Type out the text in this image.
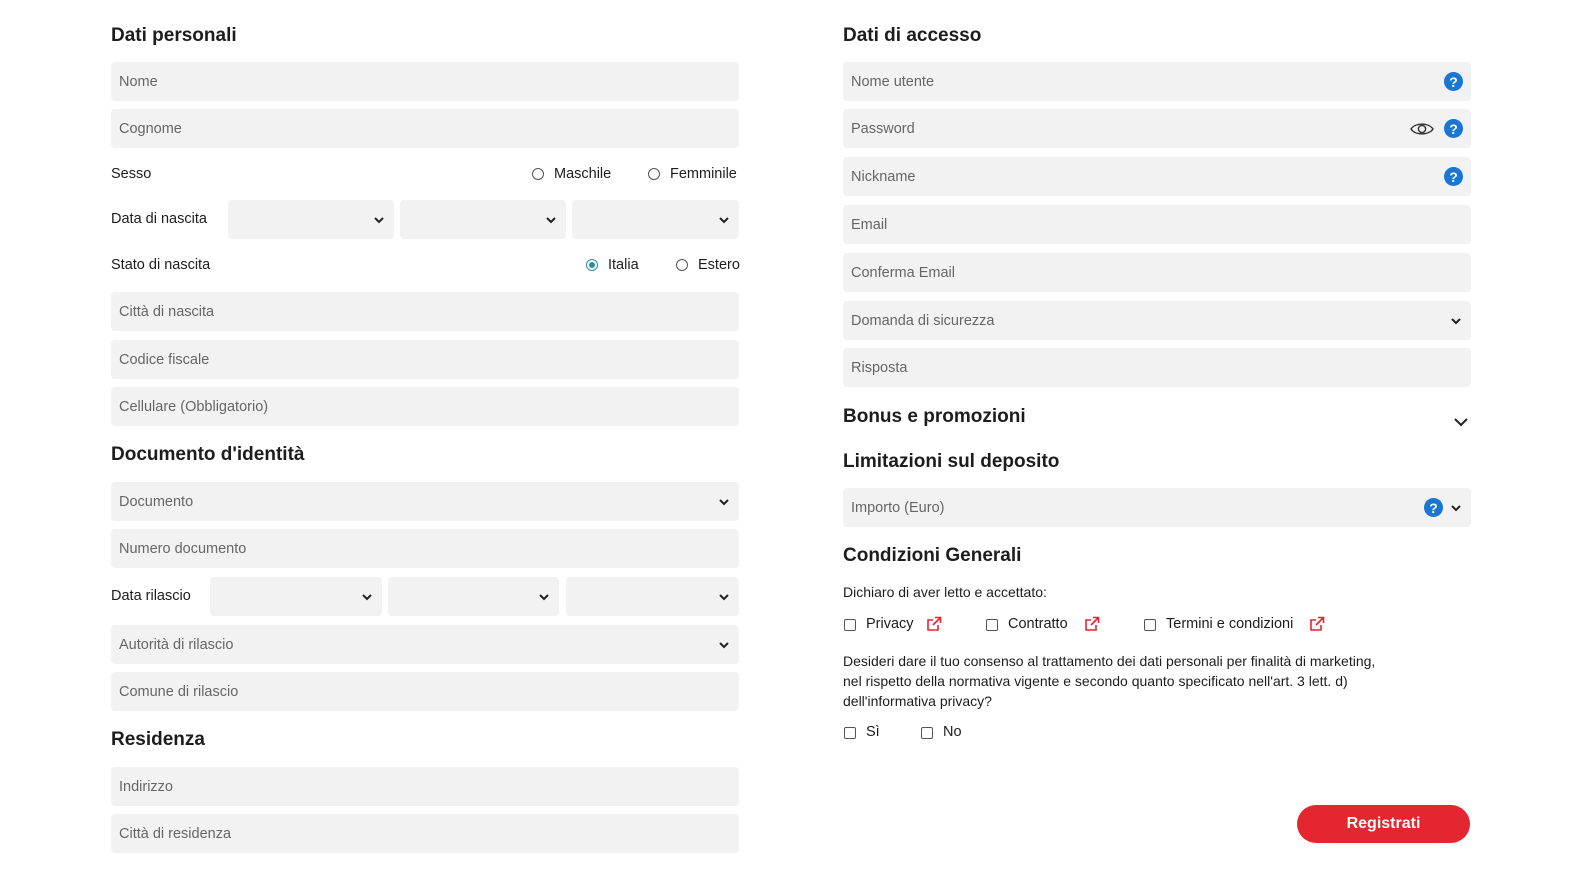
Dati personali
Nome
Cognome
Sesso	Maschile	Femminile
Data di nascita
Stato di nascita	Italia	Estero
Città di nascita
Codice fiscale
Cellulare (Obbligatorio)
Documento d'identità
Documento
Numero documento
Data rilascio
Autorità di rilascio
Comune di rilascio
Residenza
Indirizzo
Città di residenza
Dati di accesso
Nome utente
?
?
Nickname
?
Email
Conferma Email
Domanda di sicurezza
Risposta
Bonus e promozioni
Limitazioni sul deposito
Importo (Euro)	?
Condizioni Generali
Dichiaro di aver letto e accettato:
Privacy	Contratto	Termini e condizioni
Desideri dare il tuo consenso al trattamento dei dati personali per finalità di marketing,
nel rispetto della normativa vigente e secondo quanto specificato nell'art. 3 lett. d)
dell'informativa privacy?
Sì	No
Registrati
